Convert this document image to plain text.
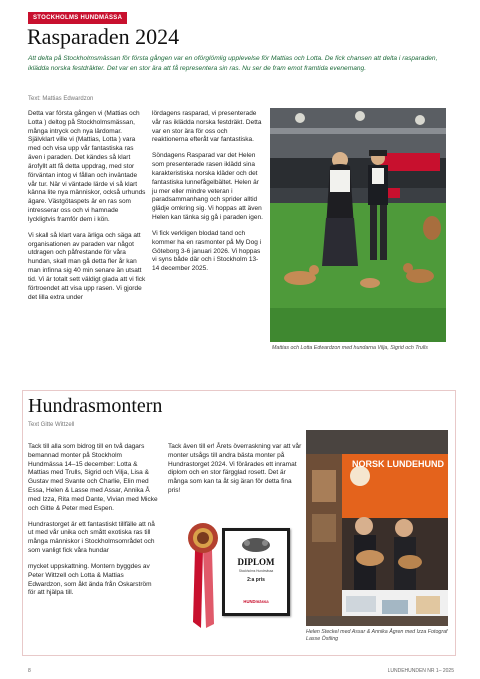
STOCKHOLMS HUNDMÄSSA
Rasparaden 2024
Att delta på Stockholmsmässan för första gången var en oförglömlig upplevelse för Mattias och Lotta. De fick chansen att delta i rasparaden, iklädda norska festdräkter. Det var en stor ära att få representera sin ras. Nu ser de fram emot framtida evenemang.
Text: Mattias Edwardzon

Detta var första gången vi (Mattias och Lotta ) deltog på Stockholmsmässan, många intryck och nya lärdomar. Självklart ville vi (Mattias, Lotta ) vara med och visa upp vår fantastiska ras även i paraden. Det kändes så klart ärofyllt att få detta uppdrag, med stor förväntan intog vi fållan och inväntade vår tur. När vi väntade lärde vi så klart känna lite nya människor, också urhunds ägare. Västgötaspets är en ras som intresserar oss och vi hamnade lyckligtvis framför dem i kön.

Vi skall så klart vara ärliga och säga att organisationen av paraden var något utdragen och påfrestande för våra hundan, skall man gå detta fler år kan man infinna sig 40 min senare än utsatt tid. Vi är totalt sett väldigt glada att vi fick förtroendet att visa upp rasen. Vi gjorde det lilla extra under

lördagens rasparad, vi presenterade vår ras iklädda norska festdräkt. Detta var en stor ära för oss och reaktionerna efteråt var fantastiska.

Söndagens Rasparad var det Helen som presenterade rasen iklädd sina karakteristiska norska kläder och det fantastiska lunnefågelbältet. Helen är ju mer eller mindre veteran i paradsammanhang och sprider alltid glädje omkring sig. Vi hoppas att även Helen kan tänka sig gå i paraden igen.

Vi fick verkligen blodad tand och kommer ha en rasmonter på My Dog i Göteborg 3-6 januari 2026. Vi hoppas vi syns både där och i Stockholm 13-14 december 2025.

Mattias och Lotta Edwardzon med hundarna Vilja, Sigrid och Trulls
Hundrasmontern
Text Gitte Wittzell

Tack till alla som bidrog till en två dagars bemannad monter på Stockholm Hundmässa 14–15 december: Lotta & Mattias med Trulls, Sigrid och Vilja, Lisa & Gustav med Svante och Charlie, Elin med Essa, Helen & Lasse med Assar, Annika Å med Izza, Rita med Dante, Vivian med Micke och Gitte & Peter med Espen.

Hundrastorget är ett fantastiskt tillfälle att nå ut med vår unika och smått exotiska ras till många människor i Stockholmsområdet och som vanligt fick våra hundar

mycket uppskattning. Montern byggdes av Peter Wittzell och Lotta & Mattias Edwardzon, som åkt ända från Oskarström för att hjälpa till.

Tack även till er! Årets överraskning var att vår monter utsågs till andra bästa monter på Hundrastorget 2024. Vi förärades ett inramat diplom och en stor färgglad rosett. Det är många som kan ta åt sig äran för detta fina pris!

DIPLOM
Stockholms Hundmässa
2:a pris
HUNDmässa
NORSK LUNDEHUND
Helen Steckel med Assar & Annika Ågren med Izza Fotograf Lasse Östling
8	LUNDEHUNDEN NR 1– 2025
